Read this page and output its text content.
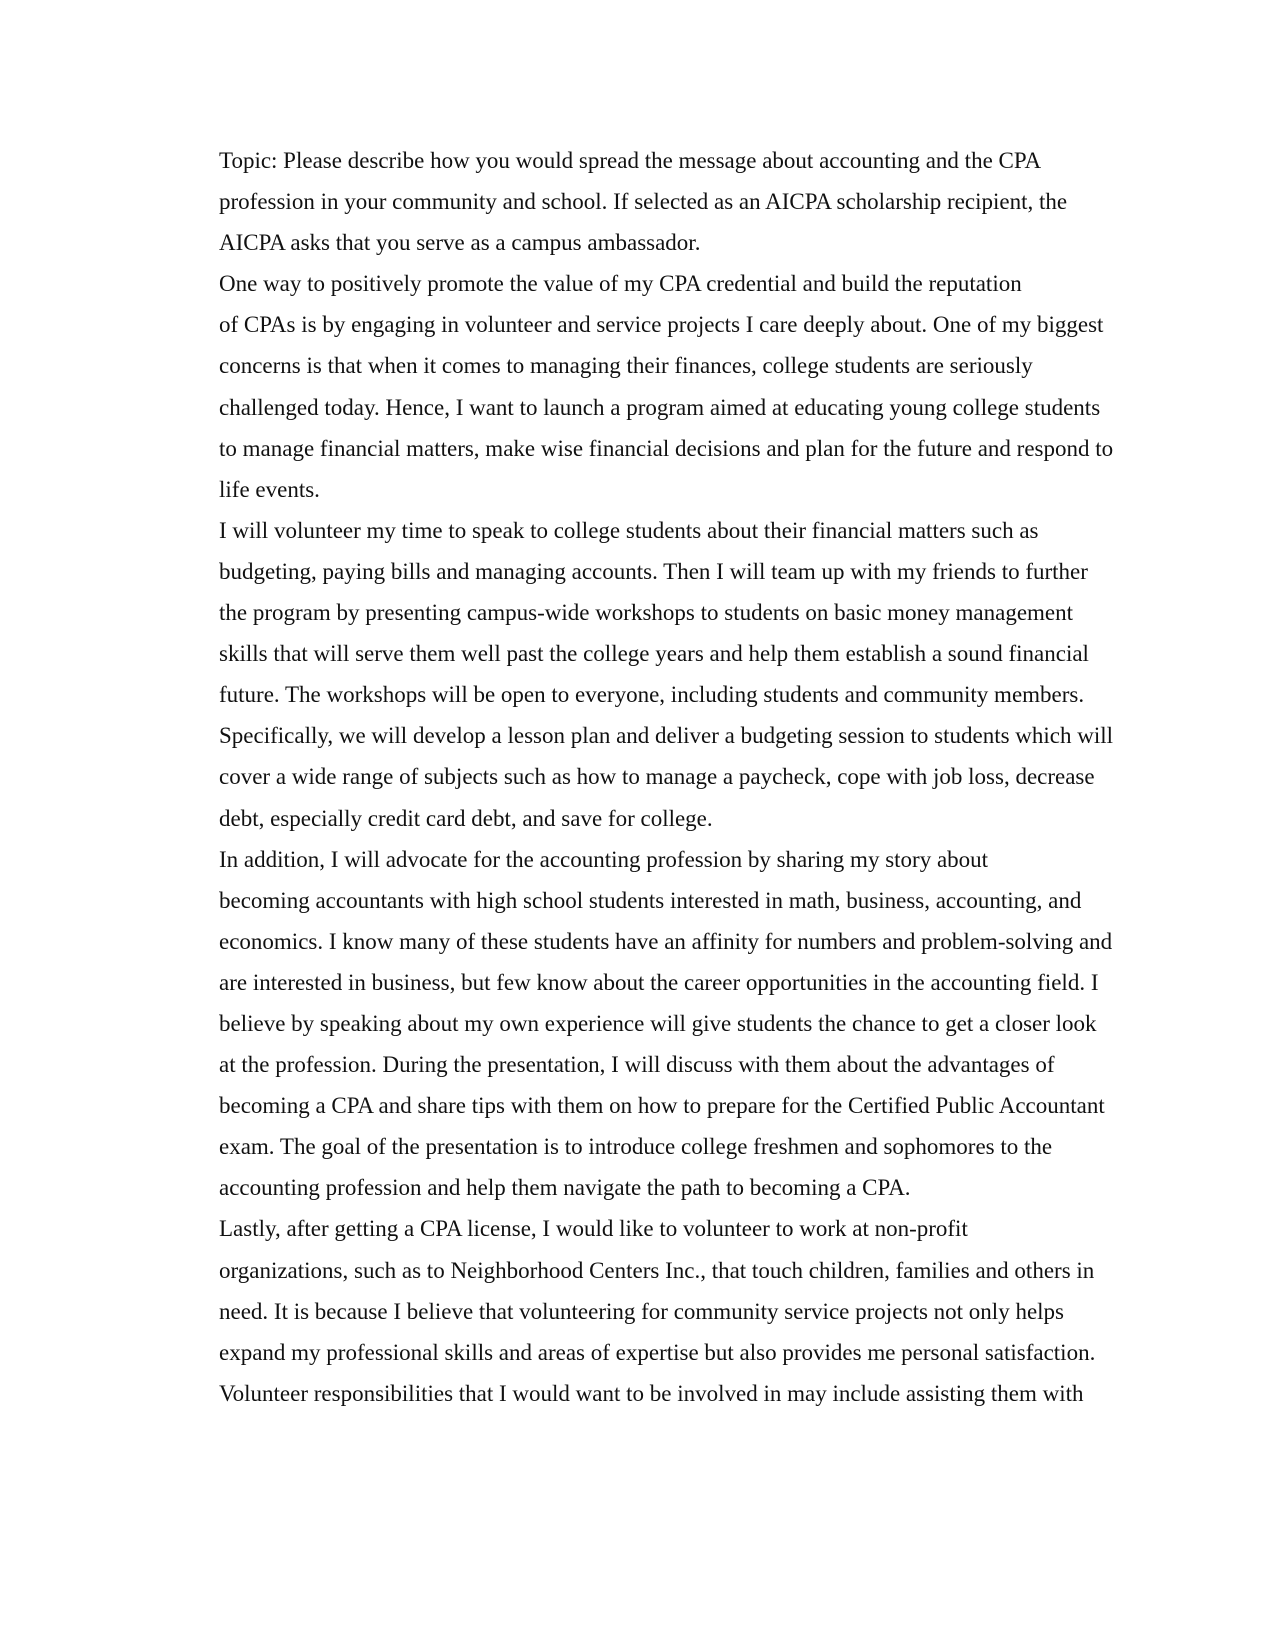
Topic: Please describe how you would spread the message about accounting and the CPA
profession in your community and school. If selected as an AICPA scholarship recipient, the
AICPA asks that you serve as a campus ambassador.

One way to positively promote the value of my CPA credential and build the reputation
of CPAs is by engaging in volunteer and service projects I care deeply about. One of my biggest
concerns is that when it comes to managing their finances, college students are seriously
challenged today. Hence, I want to launch a program aimed at educating young college students
to manage financial matters, make wise financial decisions and plan for the future and respond to
life events.

I will volunteer my time to speak to college students about their financial matters such as
budgeting, paying bills and managing accounts. Then I will team up with my friends to further
the program by presenting campus-wide workshops to students on basic money management
skills that will serve them well past the college years and help them establish a sound financial
future. The workshops will be open to everyone, including students and community members.
Specifically, we will develop a lesson plan and deliver a budgeting session to students which will
cover a wide range of subjects such as how to manage a paycheck, cope with job loss, decrease
debt, especially credit card debt, and save for college.

In addition, I will advocate for the accounting profession by sharing my story about
becoming accountants with high school students interested in math, business, accounting, and
economics. I know many of these students have an affinity for numbers and problem-solving and
are interested in business, but few know about the career opportunities in the accounting field. I
believe by speaking about my own experience will give students the chance to get a closer look
at the profession. During the presentation, I will discuss with them about the advantages of
becoming a CPA and share tips with them on how to prepare for the Certified Public Accountant
exam. The goal of the presentation is to introduce college freshmen and sophomores to the
accounting profession and help them navigate the path to becoming a CPA.

Lastly, after getting a CPA license, I would like to volunteer to work at non-profit
organizations, such as to Neighborhood Centers Inc., that touch children, families and others in
need. It is because I believe that volunteering for community service projects not only helps
expand my professional skills and areas of expertise but also provides me personal satisfaction.
Volunteer responsibilities that I would want to be involved in may include assisting them with
